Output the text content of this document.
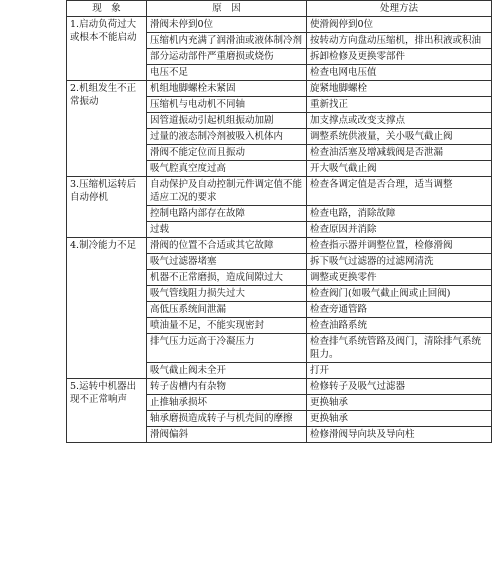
现　象	原　因	处理方法
1.启动负荷过大或根本不能启动	滑阀未停到0位	使滑阀停到0位
	压缩机内充满了润滑油或液体制冷剂	按转动方向盘动压缩机，排出积液或积油
	部分运动部件严重磨损或烧伤	拆卸检修及更换零部件
	电压不足	检查电网电压值
2.机组发生不正常振动	机组地脚螺栓未紧固	旋紧地脚螺栓
	压缩机与电动机不同轴	重新找正
	因管道振动引起机组振动加剧	加支撑点或改变支撑点
	过量的液态制冷剂被吸入机体内	调整系统供液量，关小吸气截止阀
	滑阀不能定位而且振动	检查油活塞及增减载阀是否泄漏
	吸气腔真空度过高	开大吸气截止阀
3.压缩机运转后自动停机	自动保护及自动控制元件调定值不能适应工况的要求	检查各调定值是否合理，适当调整
	控制电路内部存在故障	检查电路，消除故障
	过载	检查原因并消除
4.制冷能力不足	滑阀的位置不合适或其它故障	检查指示器并调整位置，检修滑阀
	吸气过滤器堵塞	拆下吸气过滤器的过滤网清洗
	机器不正常磨损，造成间隙过大	调整或更换零件
	吸气管线阻力损失过大	检查阀门(如吸气截止阀或止回阀)
	高低压系统间泄漏	检查旁通管路
	喷油量不足，不能实现密封	检查油路系统
	排气压力远高于冷凝压力	检查排气系统管路及阀门，清除排气系统阻力。
	吸气截止阀未全开	打开
5.运转中机器出现不正常响声	转子齿槽内有杂物	检修转子及吸气过滤器
	止推轴承损坏	更换轴承
	轴承磨损造成转子与机壳间的摩擦	更换轴承
	滑阀偏斜	检修滑阀导向块及导向柱
